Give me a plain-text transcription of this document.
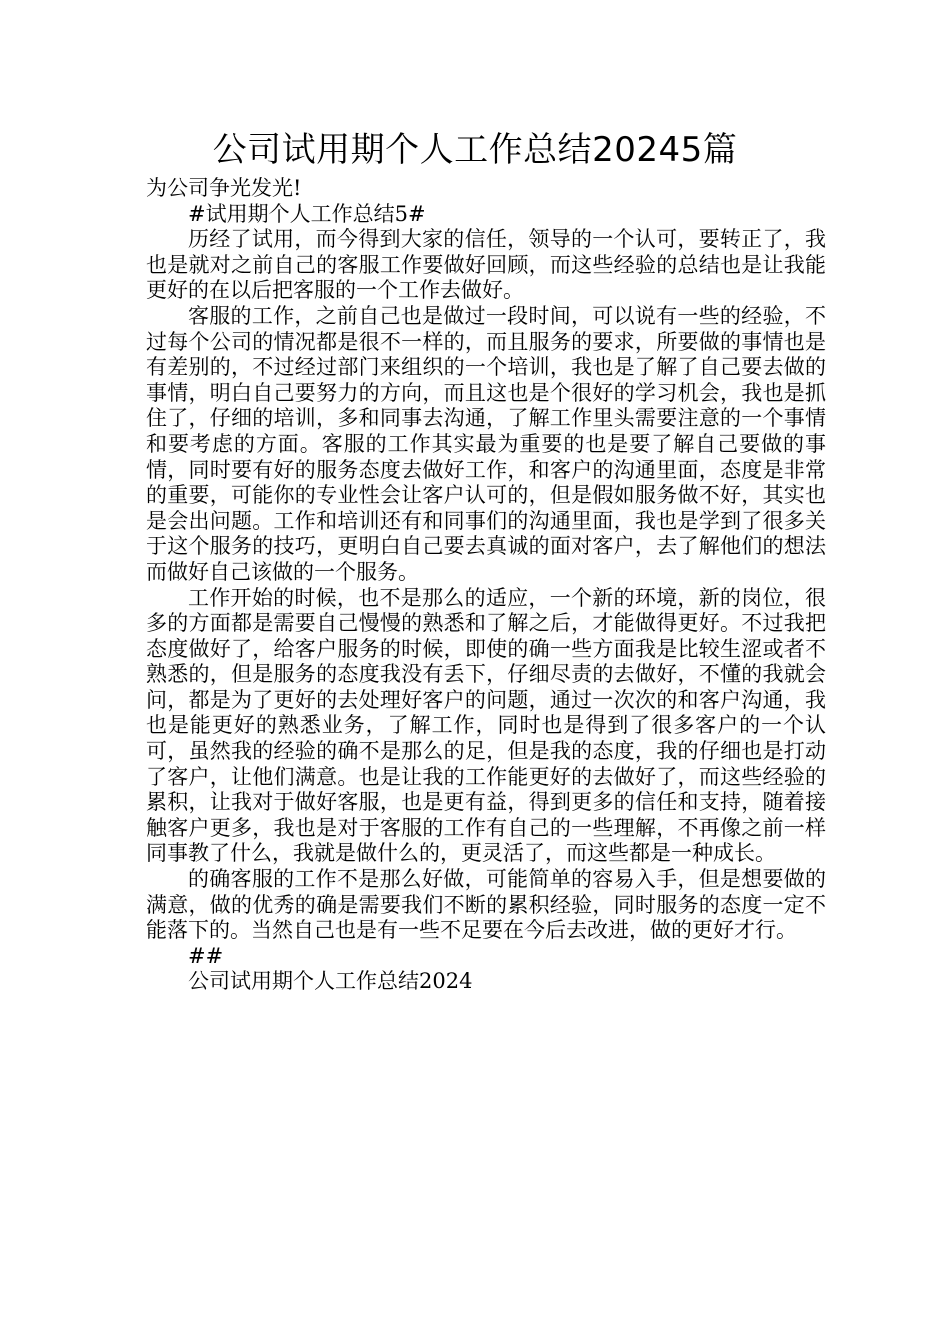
公司试用期个人工作总结20245篇

为公司争光发光!

#试用期个人工作总结5#

历经了试用，而今得到大家的信任，领导的一个认可，要转正了，我也是就对之前自己的客服工作要做好回顾，而这些经验的总结也是让我能更好的在以后把客服的一个工作去做好。

客服的工作，之前自己也是做过一段时间，可以说有一些的经验，不过每个公司的情况都是很不一样的，而且服务的要求，所要做的事情也是有差别的，不过经过部门来组织的一个培训，我也是了解了自己要去做的事情，明白自己要努力的方向，而且这也是个很好的学习机会，我也是抓住了，仔细的培训，多和同事去沟通，了解工作里头需要注意的一个事情和要考虑的方面。客服的工作其实最为重要的也是要了解自己要做的事情，同时要有好的服务态度去做好工作，和客户的沟通里面，态度是非常的重要，可能你的专业性会让客户认可的，但是假如服务做不好，其实也是会出问题。工作和培训还有和同事们的沟通里面，我也是学到了很多关于这个服务的技巧，更明白自己要去真诚的面对客户，去了解他们的想法而做好自己该做的一个服务。

工作开始的时候，也不是那么的适应，一个新的环境，新的岗位，很多的方面都是需要自己慢慢的熟悉和了解之后，才能做得更好。不过我把态度做好了，给客户服务的时候，即使的确一些方面我是比较生涩或者不熟悉的，但是服务的态度我没有丢下，仔细尽责的去做好，不懂的我就会问，都是为了更好的去处理好客户的问题，通过一次次的和客户沟通，我也是能更好的熟悉业务，了解工作，同时也是得到了很多客户的一个认可，虽然我的经验的确不是那么的足，但是我的态度，我的仔细也是打动了客户，让他们满意。也是让我的工作能更好的去做好了，而这些经验的累积，让我对于做好客服，也是更有益，得到更多的信任和支持，随着接触客户更多，我也是对于客服的工作有自己的一些理解，不再像之前一样同事教了什么，我就是做什么的，更灵活了，而这些都是一种成长。

的确客服的工作不是那么好做，可能简单的容易入手，但是想要做的满意，做的优秀的确是需要我们不断的累积经验，同时服务的态度一定不能落下的。当然自己也是有一些不足要在今后去改进，做的更好才行。

##

公司试用期个人工作总结2024
